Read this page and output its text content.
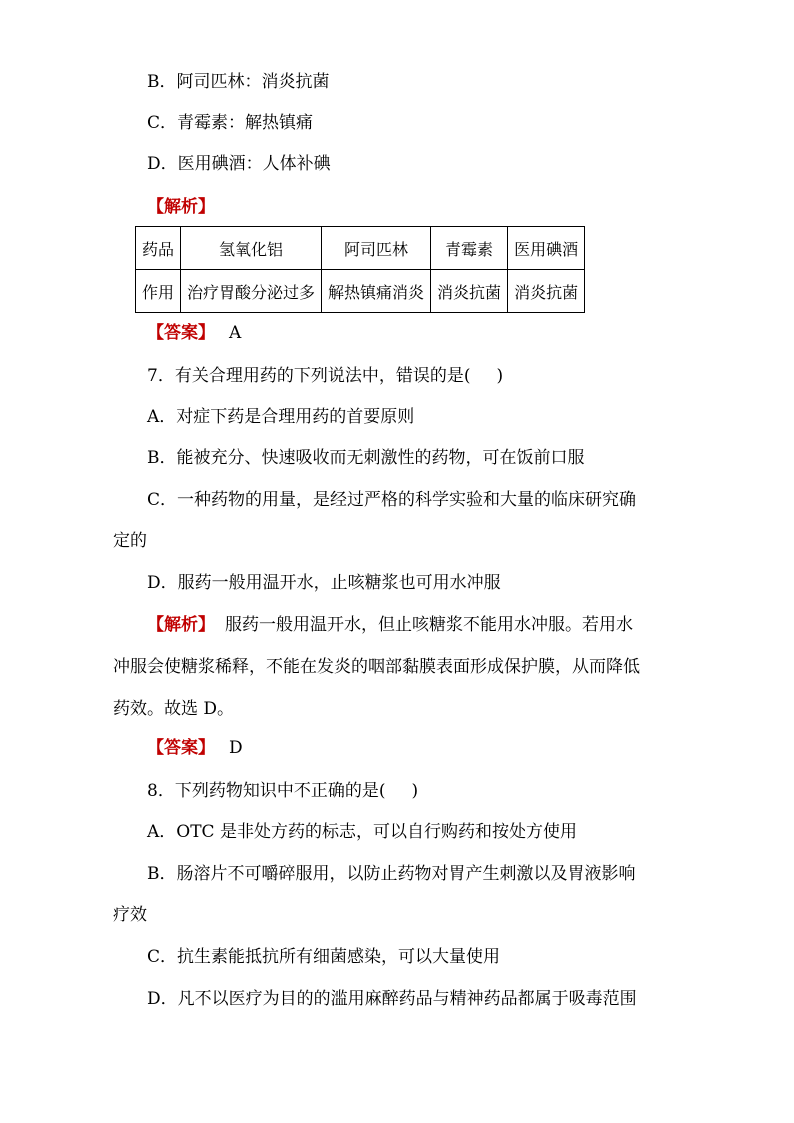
B．阿司匹林：消炎抗菌
C．青霉素：解热镇痛
D．医用碘酒：人体补碘
【解析】
药品	氢氧化铝	阿司匹林	青霉素	医用碘酒
作用	治疗胃酸分泌过多	解热镇痛消炎	消炎抗菌	消炎抗菌
【答案】 A
7．有关合理用药的下列说法中，错误的是( )
A．对症下药是合理用药的首要原则
B．能被充分、快速吸收而无刺激性的药物，可在饭前口服
C．一种药物的用量，是经过严格的科学实验和大量的临床研究确
定的
D．服药一般用温开水，止咳糖浆也可用水冲服
【解析】 服药一般用温开水，但止咳糖浆不能用水冲服。若用水
冲服会使糖浆稀释，不能在发炎的咽部黏膜表面形成保护膜，从而降低
药效。故选 D。
【答案】 D
8．下列药物知识中不正确的是( )
A．OTC 是非处方药的标志，可以自行购药和按处方使用
B．肠溶片不可嚼碎服用，以防止药物对胃产生刺激以及胃液影响
疗效
C．抗生素能抵抗所有细菌感染，可以大量使用
D．凡不以医疗为目的的滥用麻醉药品与精神药品都属于吸毒范围
